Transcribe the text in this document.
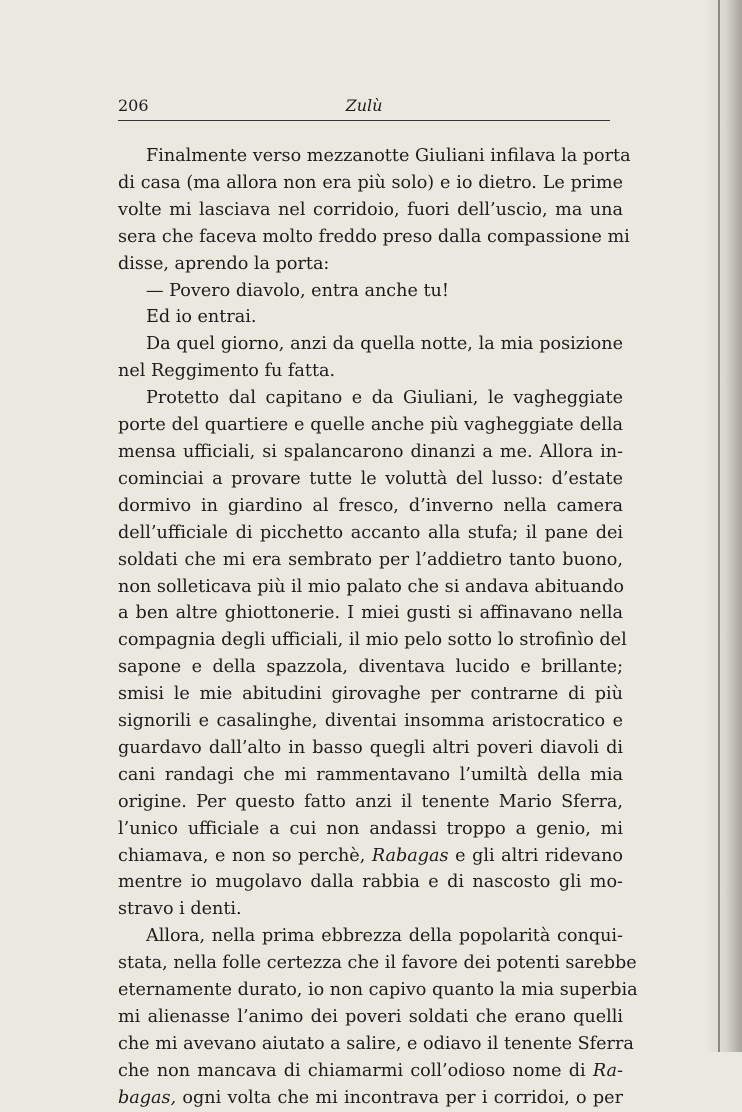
206	Zulù
Finalmente verso mezzanotte Giuliani infilava la porta
di casa (ma allora non era più solo) e io dietro. Le prime
volte mi lasciava nel corridoio, fuori dell’uscio, ma una
sera che faceva molto freddo preso dalla compassione mi
disse, aprendo la porta:
— Povero diavolo, entra anche tu!
Ed io entrai.
Da quel giorno, anzi da quella notte, la mia posizione
nel Reggimento fu fatta.
Protetto dal capitano e da Giuliani, le vagheggiate
porte del quartiere e quelle anche più vagheggiate della
mensa ufficiali, si spalancarono dinanzi a me. Allora in-
cominciai a provare tutte le voluttà del lusso: d’estate
dormivo in giardino al fresco, d’inverno nella camera
dell’ufficiale di picchetto accanto alla stufa; il pane dei
soldati che mi era sembrato per l’addietro tanto buono,
non solleticava più il mio palato che si andava abituando
a ben altre ghiottonerie. I miei gusti si affinavano nella
compagnia degli ufficiali, il mio pelo sotto lo strofinìo del
sapone e della spazzola, diventava lucido e brillante;
smisi le mie abitudini girovaghe per contrarne di più
signorili e casalinghe, diventai insomma aristocratico e
guardavo dall’alto in basso quegli altri poveri diavoli di
cani randagi che mi rammentavano l’umiltà della mia
origine. Per questo fatto anzi il tenente Mario Sferra,
l’unico ufficiale a cui non andassi troppo a genio, mi
chiamava, e non so perchè, Rabagas e gli altri ridevano
mentre io mugolavo dalla rabbia e di nascosto gli mo-
stravo i denti.
Allora, nella prima ebbrezza della popolarità conqui-
stata, nella folle certezza che il favore dei potenti sarebbe
eternamente durato, io non capivo quanto la mia superbia
mi alienasse l’animo dei poveri soldati che erano quelli
che mi avevano aiutato a salire, e odiavo il tenente Sferra
che non mancava di chiamarmi coll’odioso nome di Ra-
bagas, ogni volta che mi incontrava per i corridoi, o per
